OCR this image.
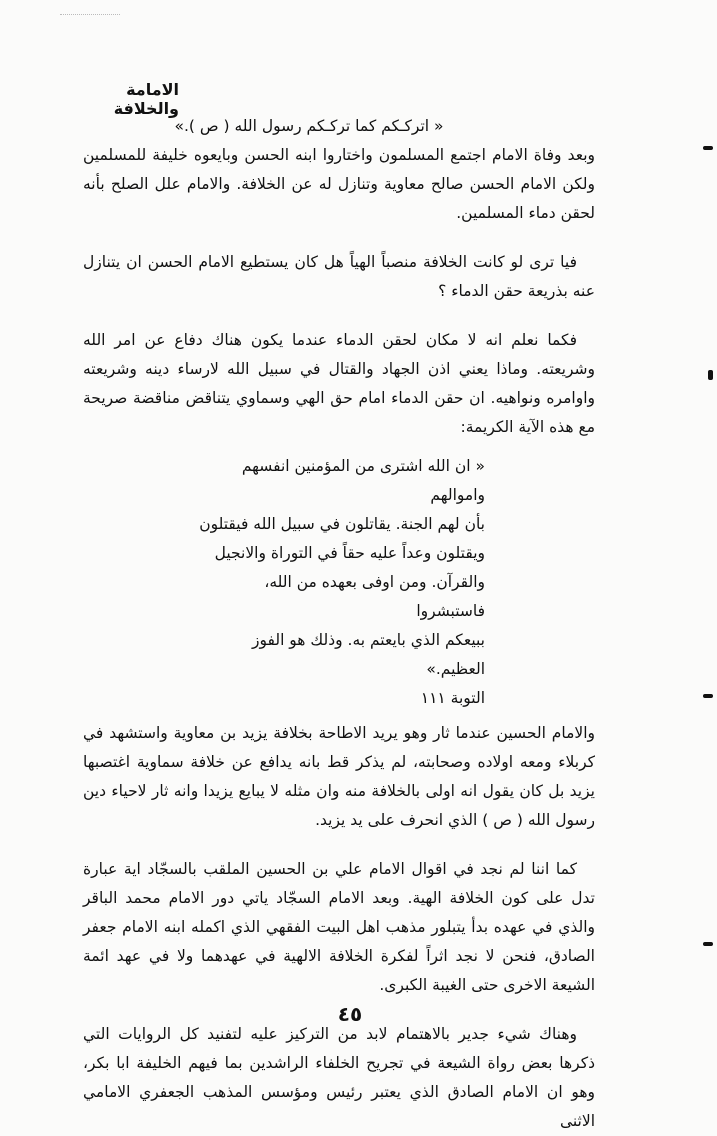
الامامة والخلافة

« اتركـكم كما تركـكم رسول الله ( ص ).»

وبعد وفاة الامام اجتمع المسلمون واختاروا ابنه الحسن وبايعوه خليفة للمسلمين ولكن الامام الحسن صالح معاوية وتنازل له عن الخلافة. والامام علل الصلح بأنه لحقن دماء المسلمين.

فيا ترى لو كانت الخلافة منصباً الهياً هل كان يستطيع الامام الحسن ان يتنازل عنه بذريعة حقن الدماء ؟

فكما نعلم انه لا مكان لحقن الدماء عندما يكون هناك دفاع عن امر الله وشريعته. وماذا يعني اذن الجهاد والقتال في سبيل الله لارساء دينه وشريعته واوامره ونواهيه. ان حقن الدماء امام حق الهي وسماوي يتناقض مناقضة صريحة مع هذه الآية الكريمة:

« ان الله اشترى من المؤمنين انفسهم واموالهم
بأن لهم الجنة. يقاتلون في سبيل الله فيقتلون
ويقتلون وعداً عليه حقاً في التوراة والانجيل
والقرآن. ومن اوفى بعهده من الله، فاستبشروا
ببيعكم الذي بايعتم به. وذلك هو الفوز العظيم.»
التوبة ١١١

والامام الحسين عندما ثار وهو يريد الاطاحة بخلافة يزيد بن معاوية واستشهد في كربلاء ومعه اولاده وصحابته، لم يذكر قط بانه يدافع عن خلافة سماوية اغتصبها يزيد بل كان يقول انه اولى بالخلافة منه وان مثله لا يبايع يزيدا وانه ثار لاحياء دين رسول الله ( ص ) الذي انحرف على يد يزيد.

كما اننا لم نجد في اقوال الامام علي بن الحسين الملقب بالسجّاد اية عبارة تدل على كون الخلافة الهية. وبعد الامام السجّاد ياتي دور الامام محمد الباقر والذي في عهده بدأ يتبلور مذهب اهل البيت الفقهي الذي اكمله ابنه الامام جعفر الصادق، فنحن لا نجد اثراً لفكرة الخلافة الالهية في عهدهما ولا في عهد ائمة الشيعة الاخرى حتى الغيبة الكبرى.

وهناك شيء جدير بالاهتمام لابد من التركيز عليه لتفنيد كل الروايات التي ذكرها بعض رواة الشيعة في تجريح الخلفاء الراشدين بما فيهم الخليفة ابا بكر، وهو ان الامام الصادق الذي يعتبر رئيس ومؤسس المذهب الجعفري الامامي الاثنى

٤٥
